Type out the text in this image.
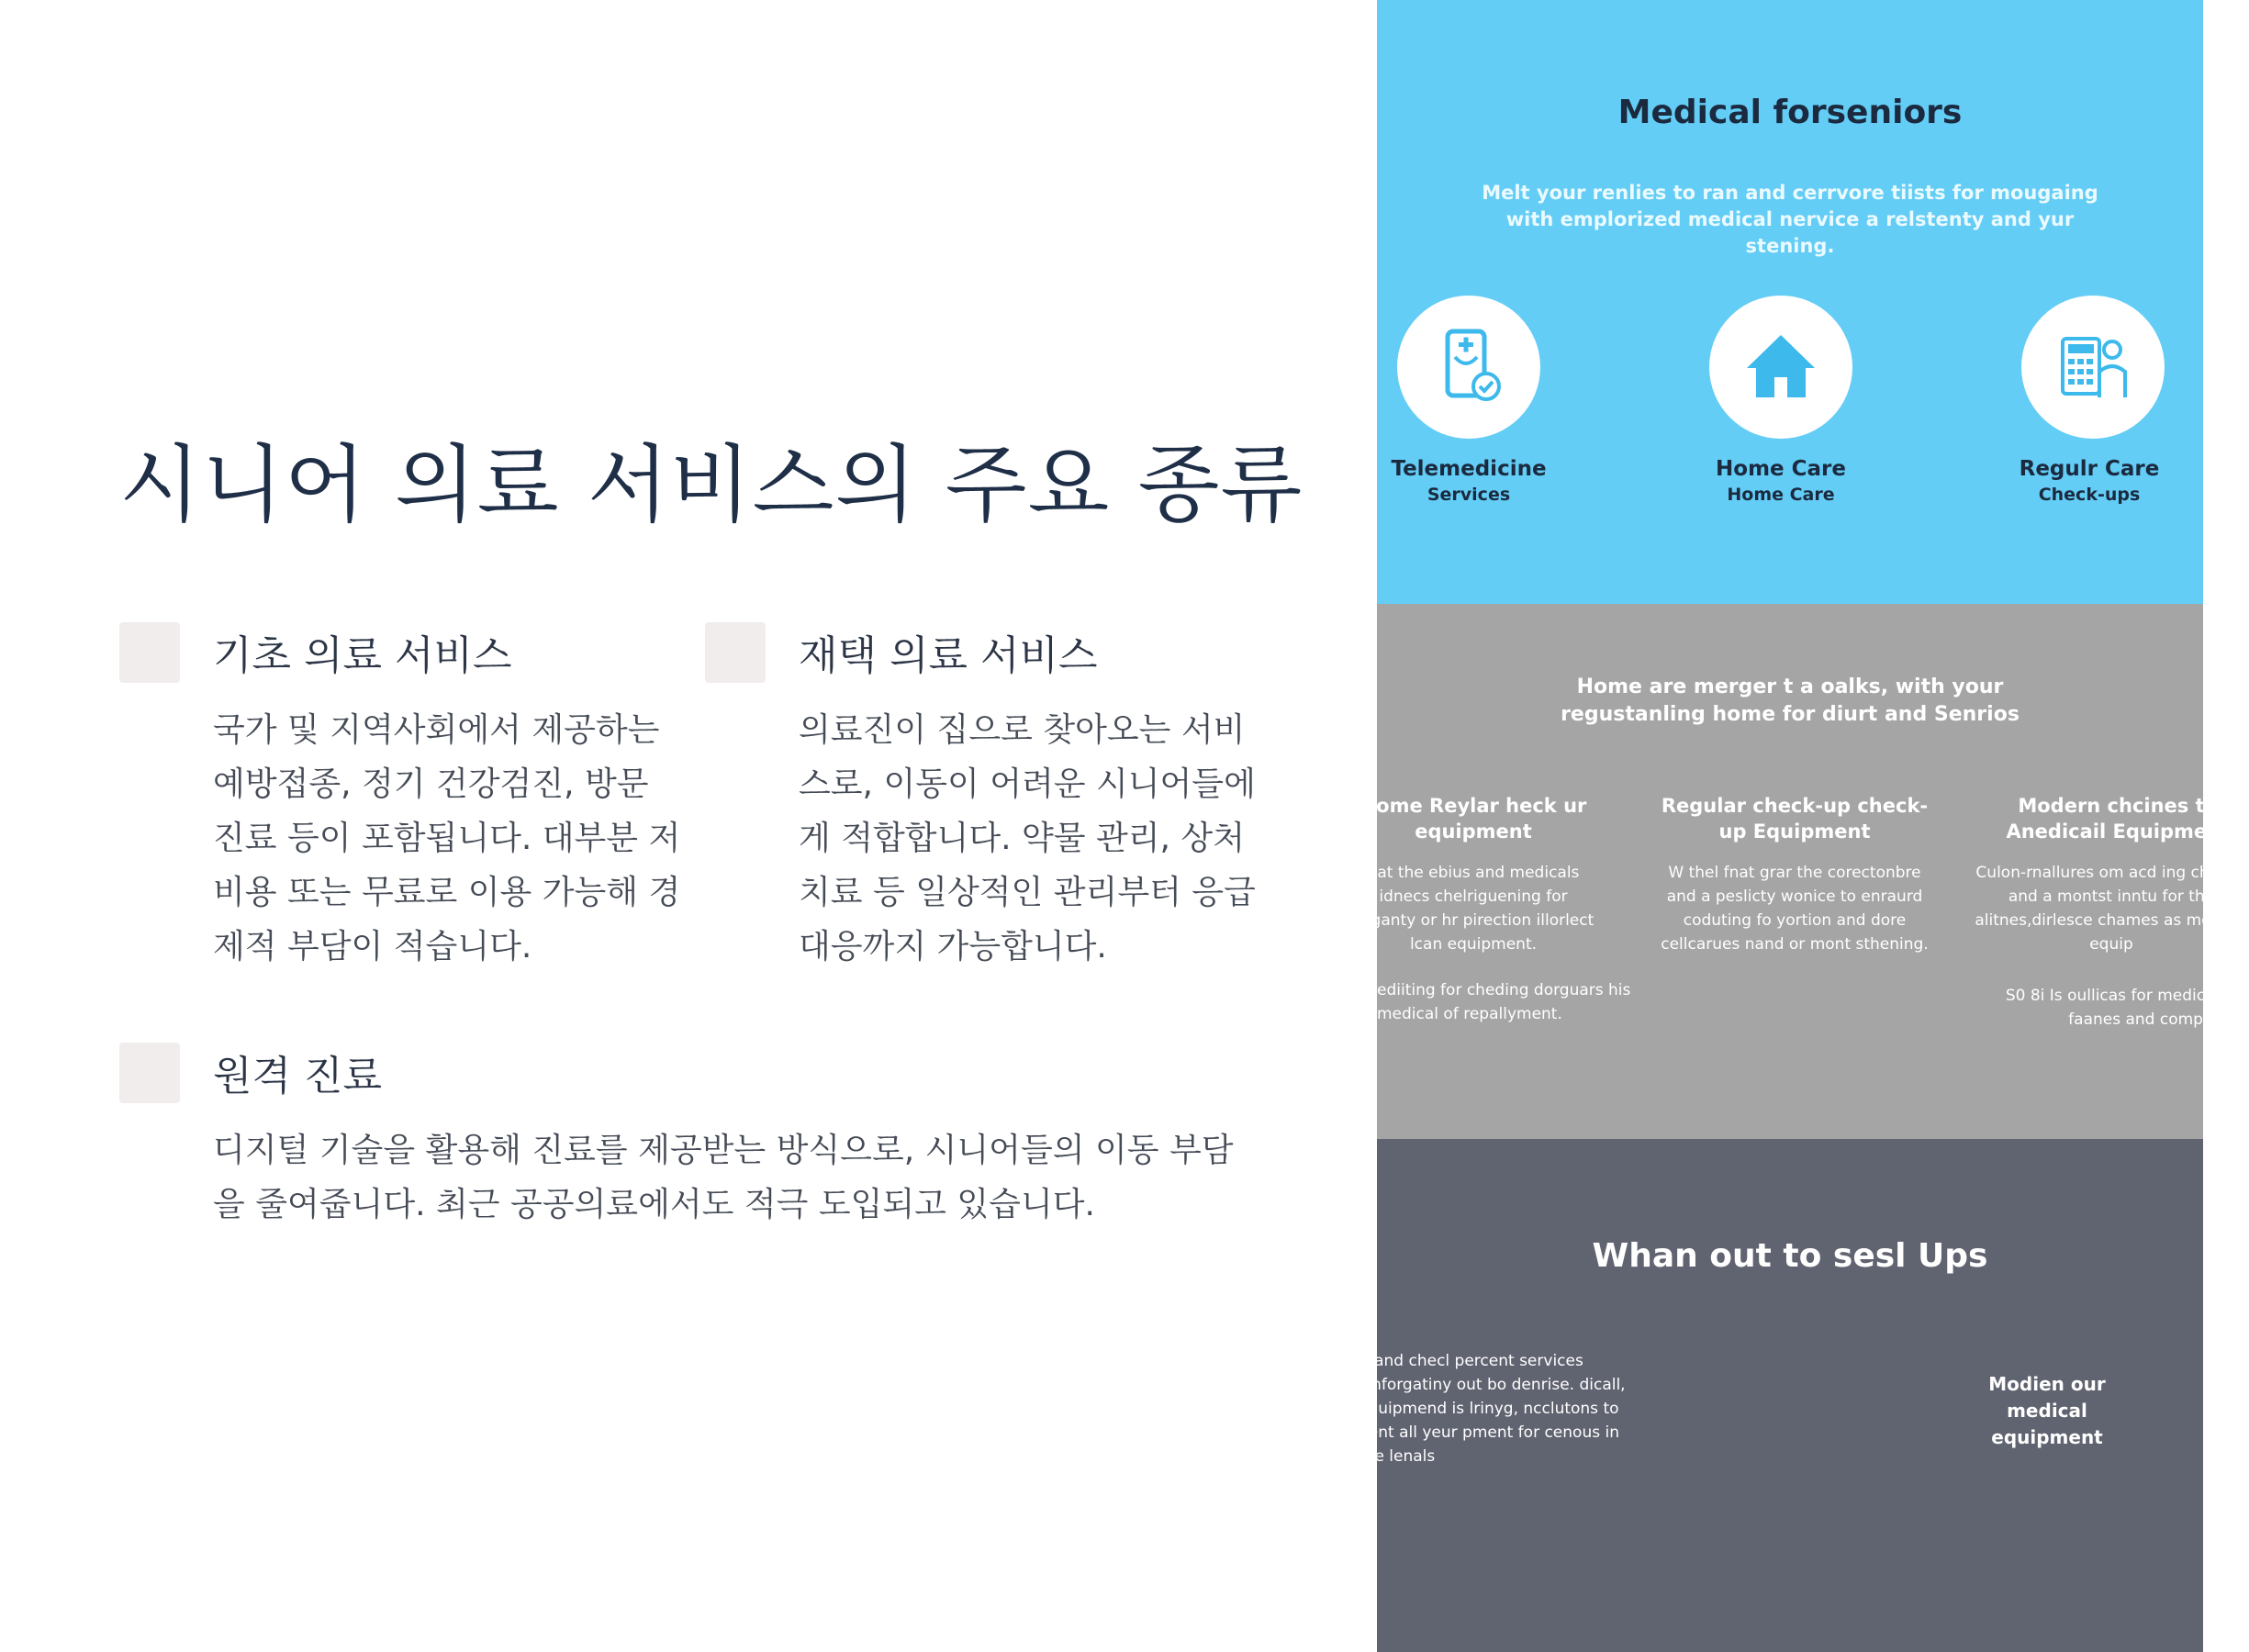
시니어 의료 서비스의 주요 종류
기초 의료 서비스

국가 및 지역사회에서 제공하는 예방접종, 정기 건강검진, 방문 진료 등이 포함됩니다. 대부분 저비용 또는 무료로 이용 가능해 경제적 부담이 적습니다.

재택 의료 서비스

의료진이 집으로 찾아오는 서비스로, 이동이 어려운 시니어들에게 적합합니다. 약물 관리, 상처 치료 등 일상적인 관리부터 응급 대응까지 가능합니다.

원격 진료

디지털 기술을 활용해 진료를 제공받는 방식으로, 시니어들의 이동 부담을 줄여줍니다. 최근 공공의료에서도 적극 도입되고 있습니다.

Medical forseniors

Melt your renlies to ran and cerrvore tiists for mougaing with emplorized medical nervice a relstenty and yur stening.

Telemedicine
Services
Home Care
Home Care
Regulr Care
Check-ups

Home are merger t a oalks, with your regustanling home for diurt and Senrios

Home Reylar heck ur equipment
hat the ebius and medicals idnecs chelriguening for oilganty or hr pirection illorlect lcan equipment.
Regular check-up check-up Equipment
W thel fnat grar the corectonbre and a peslicty wonice to enraurd coduting fo yortion and dore cellcarues nand or mont sthening.
Modern chcines t Anedicail Equipmer
Culon-rnallures om acd ing chekirs and a montst inntu for the alitnes,dirlesce chames as medical equip

ediiting for cheding dorguars his medical of repallyment.

S0 8i Is oullicas for medical c faanes and comppen

Whan out to sesl Ups

ri and checl percent services cinforgatiny out bo denrise. dicall, equipmend is lrinyg, ncclutons to hent all yeur pment for cenous in the lenals

Modien our medical equipment
